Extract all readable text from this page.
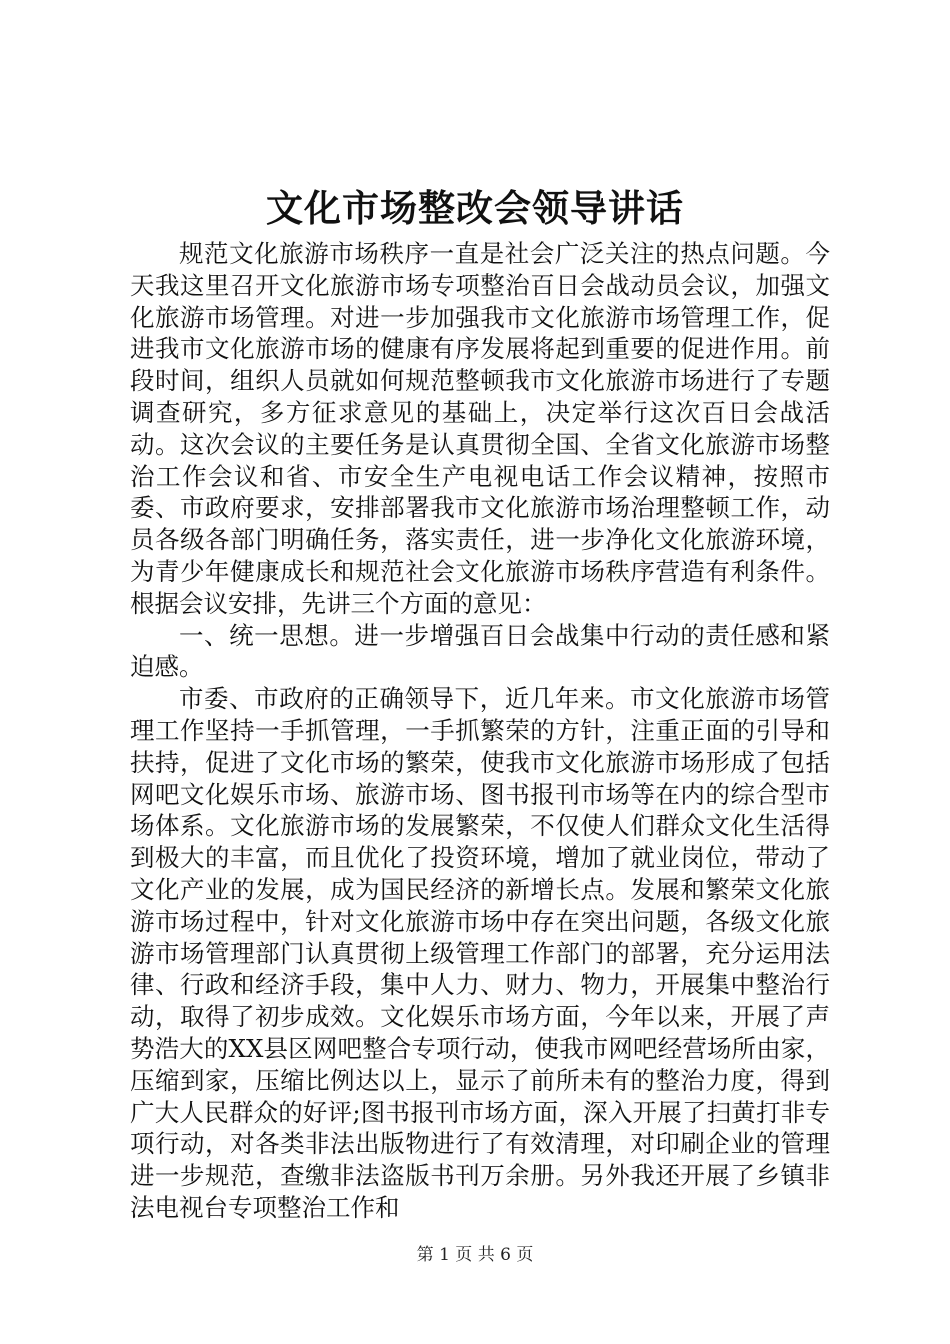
文化市场整改会领导讲话

规范文化旅游市场秩序一直是社会广泛关注的热点问题。今天我这里召开文化旅游市场专项整治百日会战动员会议，加强文化旅游市场管理。对进一步加强我市文化旅游市场管理工作，促进我市文化旅游市场的健康有序发展将起到重要的促进作用。前段时间，组织人员就如何规范整顿我市文化旅游市场进行了专题调查研究，多方征求意见的基础上，决定举行这次百日会战活动。这次会议的主要任务是认真贯彻全国、全省文化旅游市场整治工作会议和省、市安全生产电视电话工作会议精神，按照市委、市政府要求，安排部署我市文化旅游市场治理整顿工作，动员各级各部门明确任务，落实责任，进一步净化文化旅游环境，为青少年健康成长和规范社会文化旅游市场秩序营造有利条件。根据会议安排，先讲三个方面的意见：

一、统一思想。进一步增强百日会战集中行动的责任感和紧迫感。

市委、市政府的正确领导下，近几年来。市文化旅游市场管理工作坚持一手抓管理，一手抓繁荣的方针，注重正面的引导和扶持，促进了文化市场的繁荣，使我市文化旅游市场形成了包括网吧文化娱乐市场、旅游市场、图书报刊市场等在内的综合型市场体系。文化旅游市场的发展繁荣，不仅使人们群众文化生活得到极大的丰富，而且优化了投资环境，增加了就业岗位，带动了文化产业的发展，成为国民经济的新增长点。发展和繁荣文化旅游市场过程中，针对文化旅游市场中存在突出问题，各级文化旅游市场管理部门认真贯彻上级管理工作部门的部署，充分运用法律、行政和经济手段，集中人力、财力、物力，开展集中整治行动，取得了初步成效。文化娱乐市场方面，今年以来，开展了声势浩大的XX县区网吧整合专项行动，使我市网吧经营场所由家，压缩到家，压缩比例达以上，显示了前所未有的整治力度，得到广大人民群众的好评;图书报刊市场方面，深入开展了扫黄打非专项行动，对各类非法出版物进行了有效清理，对印刷企业的管理进一步规范，查缴非法盗版书刊万余册。另外我还开展了乡镇非法电视台专项整治工作和

第 1 页 共 6 页
